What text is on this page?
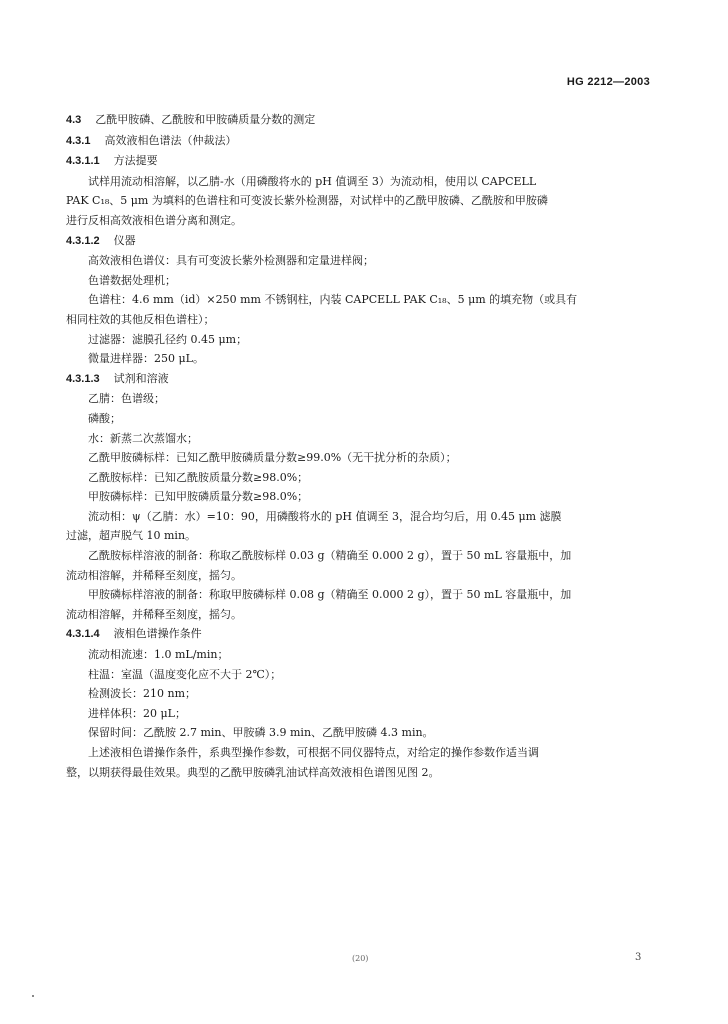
HG 2212—2003
4.3 乙酰甲胺磷、乙酰胺和甲胺磷质量分数的测定
4.3.1 高效液相色谱法（仲裁法）
4.3.1.1 方法提要
试样用流动相溶解，以乙腈-水（用磷酸将水的 pH 值调至 3）为流动相，使用以 CAPCELL
PAK C₁₈、5 μm 为填料的色谱柱和可变波长紫外检测器，对试样中的乙酰甲胺磷、乙酰胺和甲胺磷
进行反相高效液相色谱分离和测定。
4.3.1.2 仪器
高效液相色谱仪：具有可变波长紫外检测器和定量进样阀；
色谱数据处理机；
色谱柱：4.6 mm（id）×250 mm 不锈钢柱，内装 CAPCELL PAK C₁₈、5 μm 的填充物（或具有
相同柱效的其他反相色谱柱）；
过滤器：滤膜孔径约 0.45 μm；
微量进样器：250 μL。
4.3.1.3 试剂和溶液
乙腈：色谱级；
磷酸；
水：新蒸二次蒸馏水；
乙酰甲胺磷标样：已知乙酰甲胺磷质量分数≥99.0%（无干扰分析的杂质）；
乙酰胺标样：已知乙酰胺质量分数≥98.0%；
甲胺磷标样：已知甲胺磷质量分数≥98.0%；
流动相：ψ（乙腈：水）=10：90，用磷酸将水的 pH 值调至 3，混合均匀后，用 0.45 μm 滤膜
过滤，超声脱气 10 min。
乙酰胺标样溶液的制备：称取乙酰胺标样 0.03 g（精确至 0.000 2 g），置于 50 mL 容量瓶中，加
流动相溶解，并稀释至刻度，摇匀。
甲胺磷标样溶液的制备：称取甲胺磷标样 0.08 g（精确至 0.000 2 g），置于 50 mL 容量瓶中，加
流动相溶解，并稀释至刻度，摇匀。
4.3.1.4 液相色谱操作条件
流动相流速：1.0 mL/min；
柱温：室温（温度变化应不大于 2℃）；
检测波长：210 nm；
进样体积：20 μL；
保留时间：乙酰胺 2.7 min、甲胺磷 3.9 min、乙酰甲胺磷 4.3 min。
上述液相色谱操作条件，系典型操作参数，可根据不同仪器特点，对给定的操作参数作适当调
整，以期获得最佳效果。典型的乙酰甲胺磷乳油试样高效液相色谱图见图 2。
(20)	3
